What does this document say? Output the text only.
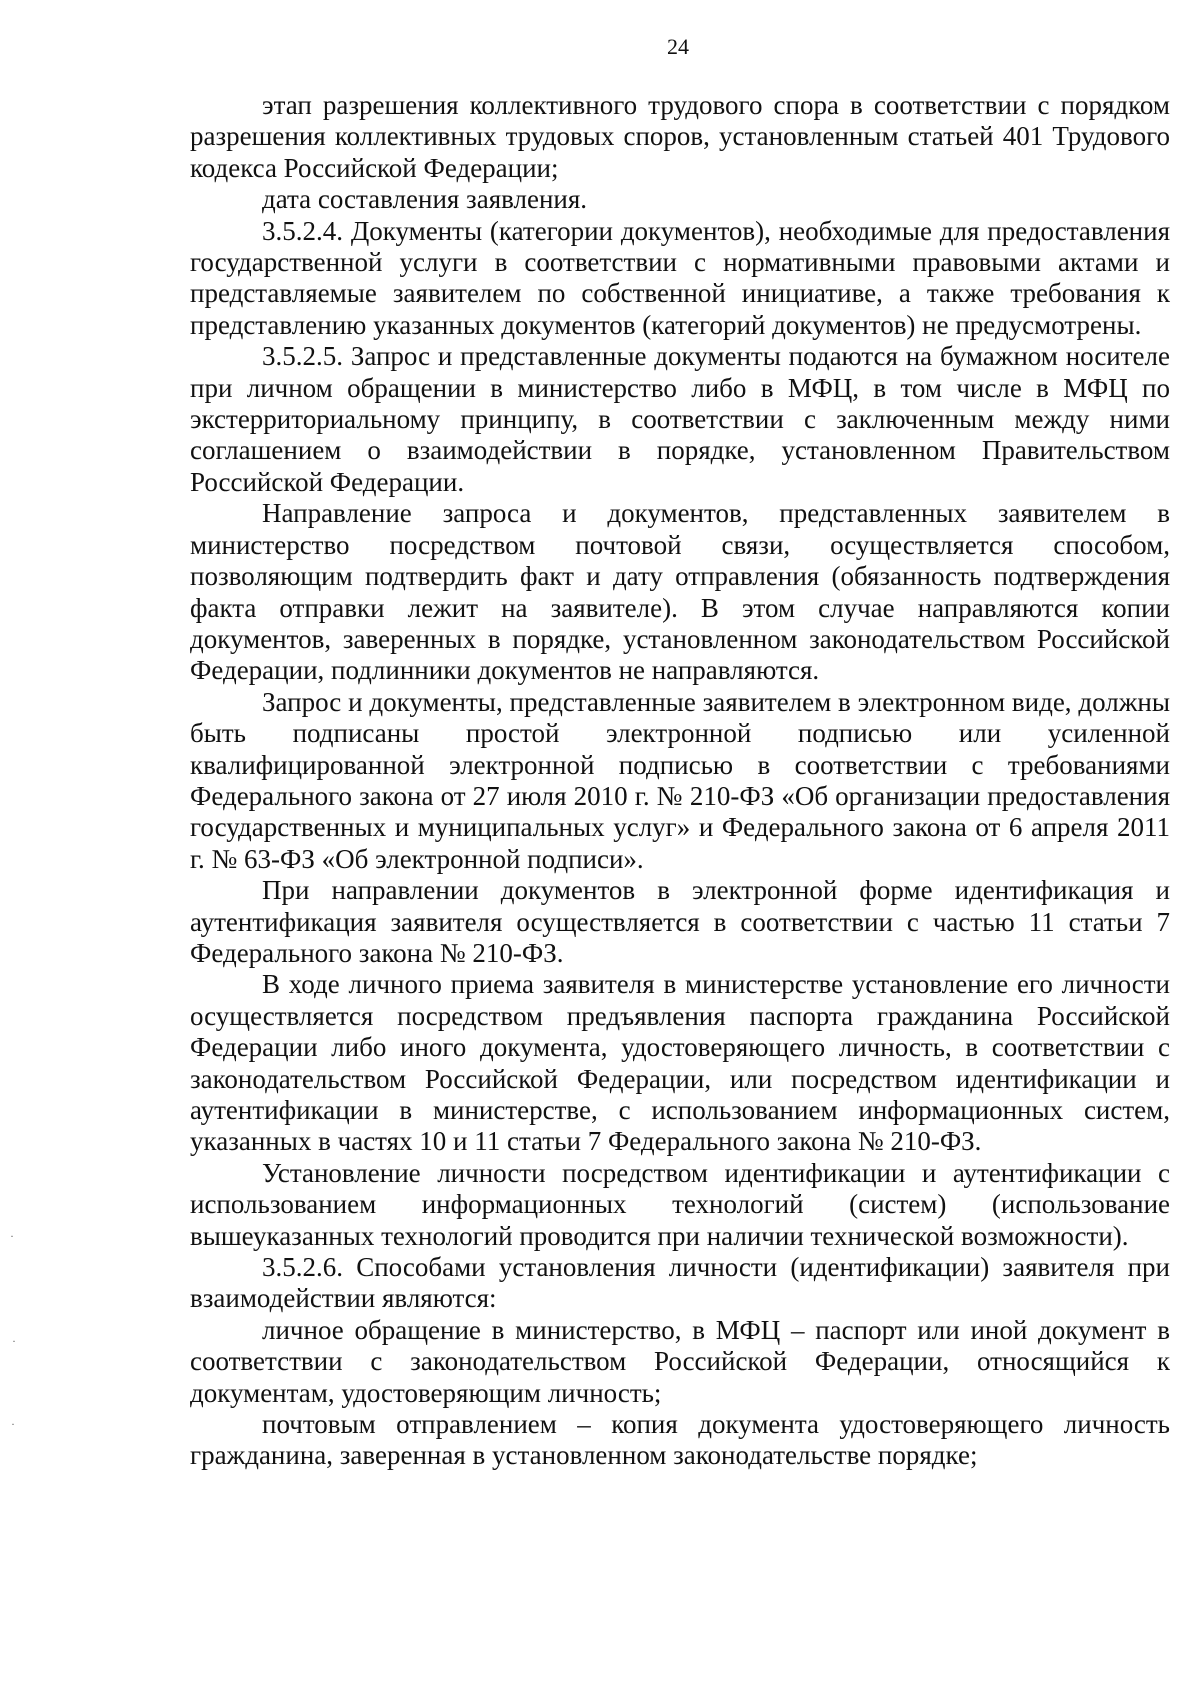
24

этап разрешения коллективного трудового спора в соответствии с порядком разрешения коллективных трудовых споров, установленным статьей 401 Трудового кодекса Российской Федерации;

дата составления заявления.

3.5.2.4. Документы (категории документов), необходимые для предоставления государственной услуги в соответствии с нормативными правовыми актами и представляемые заявителем по собственной инициативе, а также требования к представлению указанных документов (категорий документов) не предусмотрены.

3.5.2.5. Запрос и представленные документы подаются на бумажном носителе при личном обращении в министерство либо в МФЦ, в том числе в МФЦ по экстерриториальному принципу, в соответствии с заключенным между ними соглашением о взаимодействии в порядке, установленном Правительством Российской Федерации.

Направление запроса и документов, представленных заявителем в министерство посредством почтовой связи, осуществляется способом, позволяющим подтвердить факт и дату отправления (обязанность подтверждения факта отправки лежит на заявителе). В этом случае направляются копии документов, заверенных в порядке, установленном законодательством Российской Федерации, подлинники документов не направляются.

Запрос и документы, представленные заявителем в электронном виде, должны быть подписаны простой электронной подписью или усиленной квалифицированной электронной подписью в соответствии с требованиями Федерального закона от 27 июля 2010 г. № 210-ФЗ «Об организации предоставления государственных и муниципальных услуг» и Федерального закона от 6 апреля 2011 г. № 63-ФЗ «Об электронной подписи».

При направлении документов в электронной форме идентификация и аутентификация заявителя осуществляется в соответствии с частью 11 статьи 7 Федерального закона № 210-ФЗ.

В ходе личного приема заявителя в министерстве установление его личности осуществляется посредством предъявления паспорта гражданина Российской Федерации либо иного документа, удостоверяющего личность, в соответствии с законодательством Российской Федерации, или посредством идентификации и аутентификации в министерстве, с использованием информационных систем, указанных в частях 10 и 11 статьи 7 Федерального закона № 210-ФЗ.

Установление личности посредством идентификации и аутентификации с использованием информационных технологий (систем) (использование вышеуказанных технологий проводится при наличии технической возможности).

3.5.2.6. Способами установления личности (идентификации) заявителя при взаимодействии являются:

личное обращение в министерство, в МФЦ – паспорт или иной документ в соответствии с законодательством Российской Федерации, относящийся к документам, удостоверяющим личность;

почтовым отправлением – копия документа удостоверяющего личность гражданина, заверенная в установленном законодательстве порядке;

·
·
·
